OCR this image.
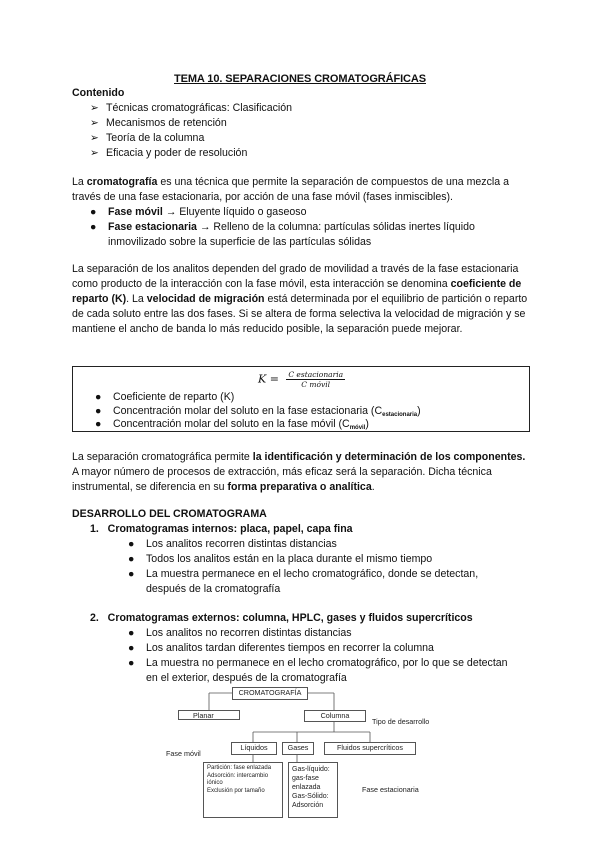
TEMA 10. SEPARACIONES CROMATOGRÁFICAS
Contenido
➢ Técnicas cromatográficas: Clasificación
➢ Mecanismos de retención
➢ Teoría de la columna
➢ Eficacia y poder de resolución

La cromatografía es una técnica que permite la separación de compuestos de una mezcla a través de una fase estacionaria, por acción de una fase móvil (fases inmiscibles).

● Fase móvil → Eluyente líquido o gaseoso
● Fase estacionaria → Relleno de la columna: partículas sólidas inertes líquido
inmovilizado sobre la superficie de las partículas sólidas

La separación de los analitos dependen del grado de movilidad a través de la fase estacionaria como producto de la interacción con la fase móvil, esta interacción se denomina coeficiente de reparto (K). La velocidad de migración está determinada por el equilibrio de partición o reparto de cada soluto entre las dos fases. Si se altera de forma selectiva la velocidad de migración y se mantiene el ancho de banda lo más reducido posible, la separación puede mejorar.

$K = \frac{\text{C estacionaria}}{\text{C móvil}}$
● Coeficiente de reparto (K)
● Concentración molar del soluto en la fase estacionaria $(C_{estacionaria})$
● Concentración molar del soluto en la fase móvil $(C_{móvil})$

La separación cromatográfica permite la identificación y determinación de los componentes. A mayor número de procesos de extracción, más eficaz será la separación. Dicha técnica instrumental, se diferencia en su forma preparativa o analítica.

DESARROLLO DEL CROMATOGRAMA
1.   Cromatogramas internos: placa, papel, capa fina
● Los analitos recorren distintas distancias
● Todos los analitos están en la placa durante el mismo tiempo
● La muestra permanece en el lecho cromatográfico, donde se detectan,
después de la cromatografía
2.   Cromatogramas externos: columna, HPLC, gases y fluidos supercríticos
● Los analitos no recorren distintas distancias
● Los analitos tardan diferentes tiempos en recorrer la columna
● La muestra no permanece en el lecho cromatográfico, por lo que se detectan
en el exterior, después de la cromatografía
CROMATOGRAFÍA
Planar	Columna
Tipo de desarrollo
Fase móvil
Líquidos	Gases	Fluidos supercríticos
Partición: fase enlazada
Adsorción: intercambio iónico
Exclusión por tamaño
Gas-líquido:
gas-fase
enlazada
Gas-Sólido:
Adsorción
Fase estacionaria
